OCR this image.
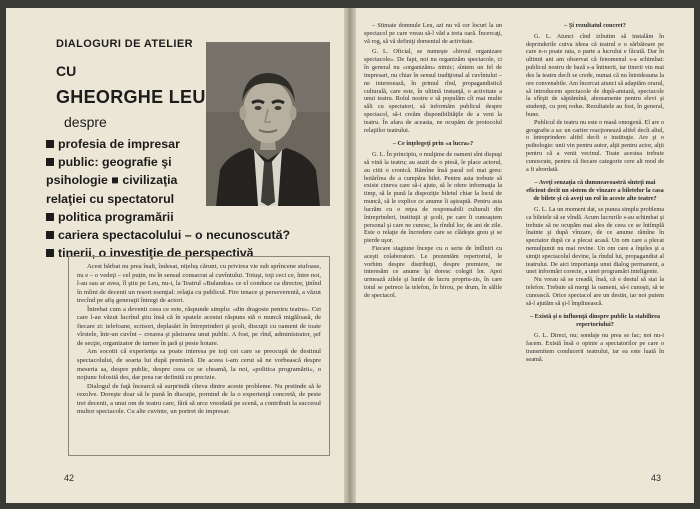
DIALOGURI DE ATELIER
CU
GHEORGHE LEU
despre
profesia de impresar
public: geografie şi
psihologie ■ civilizaţia
relaţiei cu spectatorul
politica programării
cariera spectacolului – o necunoscută?
tinerii, o investiţie de perspectivă

Acest bărbat nu prea înalt, îndesat, nițeluș cărunt, cu privirea vie sub sprîncene stufoase, nu e – o vedeţi – cel puțin, nu în sensul consacrat al cuvîntului. Totuşi, toţi ceci ce, între noi, l-au sau ar avea, îl ştiu pe Leu, nu-i, la Teatrul «Bulandra» ce el conduce ca director, ţinînd în mîini de decenii un resort esenţial: relaţia cu publicul. Fire tenace şi perseverentă, a văzut trecînd pe afiş generaţii întregi de actori.

Întrebat cum a devenit ceea ce este, răspunde simplu: «din dragoste pentru teatru». Cei care l-au văzut lucrînd ştiu însă că în spatele acestui răspuns stă o muncă migăloasă, de fiecare zi: telefoane, scrisori, deplasări în întreprinderi şi şcoli, discuţii cu oameni de toate vîrstele, într-un cuvînt – crearea şi păstrarea unui public. A fost, pe rînd, administrator, şef de secţie, organizator de turnee în ţară şi peste hotare.

Am socotit că experienţa sa poate interesa pe toţi cei care se preocupă de destinul spectacolului, de soarta lui după premieră. De aceea i-am cerut să ne vorbească despre meseria sa, despre public, despre ceea ce se cheamă, la noi, «politica programării», o noţiune folosită des, dar prea rar definită cu precizie.

Dialogul de faţă încearcă să surprindă cîteva dintre aceste probleme. Nu pretinde să le rezolve. Doreşte doar să le pună în discuţie, pornind de la o experienţă concretă, de peste trei decenii, a unui om de teatru care, fără să urce vreodată pe scenă, a contribuit la succesul multor spectacole. Cu alte cuvinte, un portret de impresar.

42

– Stimate domnule Leu, azi nu vă cer locuri la un spectacol pe care vreau să-l văd a treia oară. Încercaţi, vă rog, să vă definiţi domeniul de activitate.

G. L. Oficial, se numeşte «biroul organizare spectacole». De fapt, noi nu organizăm spectacole, ci în general nu «organizăm» nimic; sîntem un fel de impresari, nu chiar în sensul tradiţional al cuvîntului – ne interesează, în primul rînd, propagandistică culturală, care este, în ultimă instanţă, o activitate a unui teatru. Rolul nostru e să populăm cît mai multe săli cu spectatori, să informăm publicul despre spectacol, să-i creăm disponibilităţile de a veni la teatru. În afara de aceasta, ne ocupăm de protocolul relaţiilor teatrului.

– Ce înţelegeţi prin «a lucra»?

G. L. În principiu, o mulţime de oameni sînt dispuşi să vină la teatru; au auzit de o piesă, le place actorul, au citit o cronică. Rămîne însă pasul cel mai greu: hotărîrea de a cumpăra bilet. Pentru asta trebuie să existe cineva care să-i ajute, să le ofere informaţia la timp, să le pună la dispoziţie biletul chiar la locul de muncă, să le explice ce anume îi aşteaptă. Pentru asta lucrăm cu o reţea de responsabili culturali din întreprinderi, instituţii şi şcoli, pe care îi cunoaştem personal şi care ne cunosc, la rîndul lor, de ani de zile. Este o relaţie de încredere care se clădeşte greu şi se pierde uşor.

Fiecare stagiune începe cu o serie de întîlniri cu aceşti colaboratori. Le prezentăm repertoriul, le vorbim despre distribuţii, despre premiere, ne interesăm ce anume îşi doresc colegii lor. Apoi urmează zilele şi lunile de lucru propriu-zis, în care totul se petrece la telefon, în birou, pe drum, în sălile de spectacol.

– Şi rezultatul concret?

G. L. Atunci cînd izbutim să instalăm în deprinderile cuiva ideea că teatrul e o sărbătoare pe care n-o poate rata, o parte a lucrului e făcută. Dar în ultimii ani am observat că fenomenul s-a schimbat: publicul nostru de bază s-a întinerit, iar tinerii vin mai des la teatru decît se crede, numai că nu întotdeauna la ore convenabile. Am încercat atunci să adaptăm orarul, să introducem spectacole de după-amiază, spectacole la sfîrşit de săptămînă, abonamente pentru elevi şi studenţi, cu preţ redus. Rezultatele au fost, în general, bune.

Publicul de teatru nu este o masă omogenă. El are o geografie a sa: un cartier reacţionează altfel decît altul, o întreprindere altfel decît o instituţie. Are şi o psihologie: unii vin pentru autor, alţii pentru actor, alţii pentru că a venit vecinul. Toate acestea trebuie cunoscute, pentru că fiecare categorie cere alt mod de a fi abordată.

– Aveţi senzaţia că dumneavoastră sînteţi mai eficient decît un sistem de vînzare a biletelor la casa de bilete şi că aveţi un rol în aceste alte teatre?

G. L. La un moment dat, se punea simplu problema ca biletele să se vîndă. Acum lucrurile s-au schimbat şi trebuie să ne ocupăm mai ales de ceea ce se întîmplă înainte şi după vînzare, de ce anume rămîne în spectator după ce a plecat acasă. Un om care a plecat nemulţumit nu mai revine. Un om care a înţeles şi a simţit spectacolul devine, la rîndul lui, propagandist al teatrului. De aici importanţa unui dialog permanent, a unei informări corecte, a unei programări inteligente.

Nu vreau să se creadă, însă, că e destul să stai la telefon. Trebuie să mergi la oameni, să-i cunoşti, să te cunoască. Orice spectacol are un destin, iar noi putem să-l ajutăm să şi-l împlinească.

– Există şi o influenţă dinspre public la stabilirea repertoriului?

G. L. Direct, nu; sondaje nu prea se fac; noi nu-i facem. Există însă o opinie a spectatorilor pe care o transmitem conducerii teatrului, iar ea este luată în seamă.

43
